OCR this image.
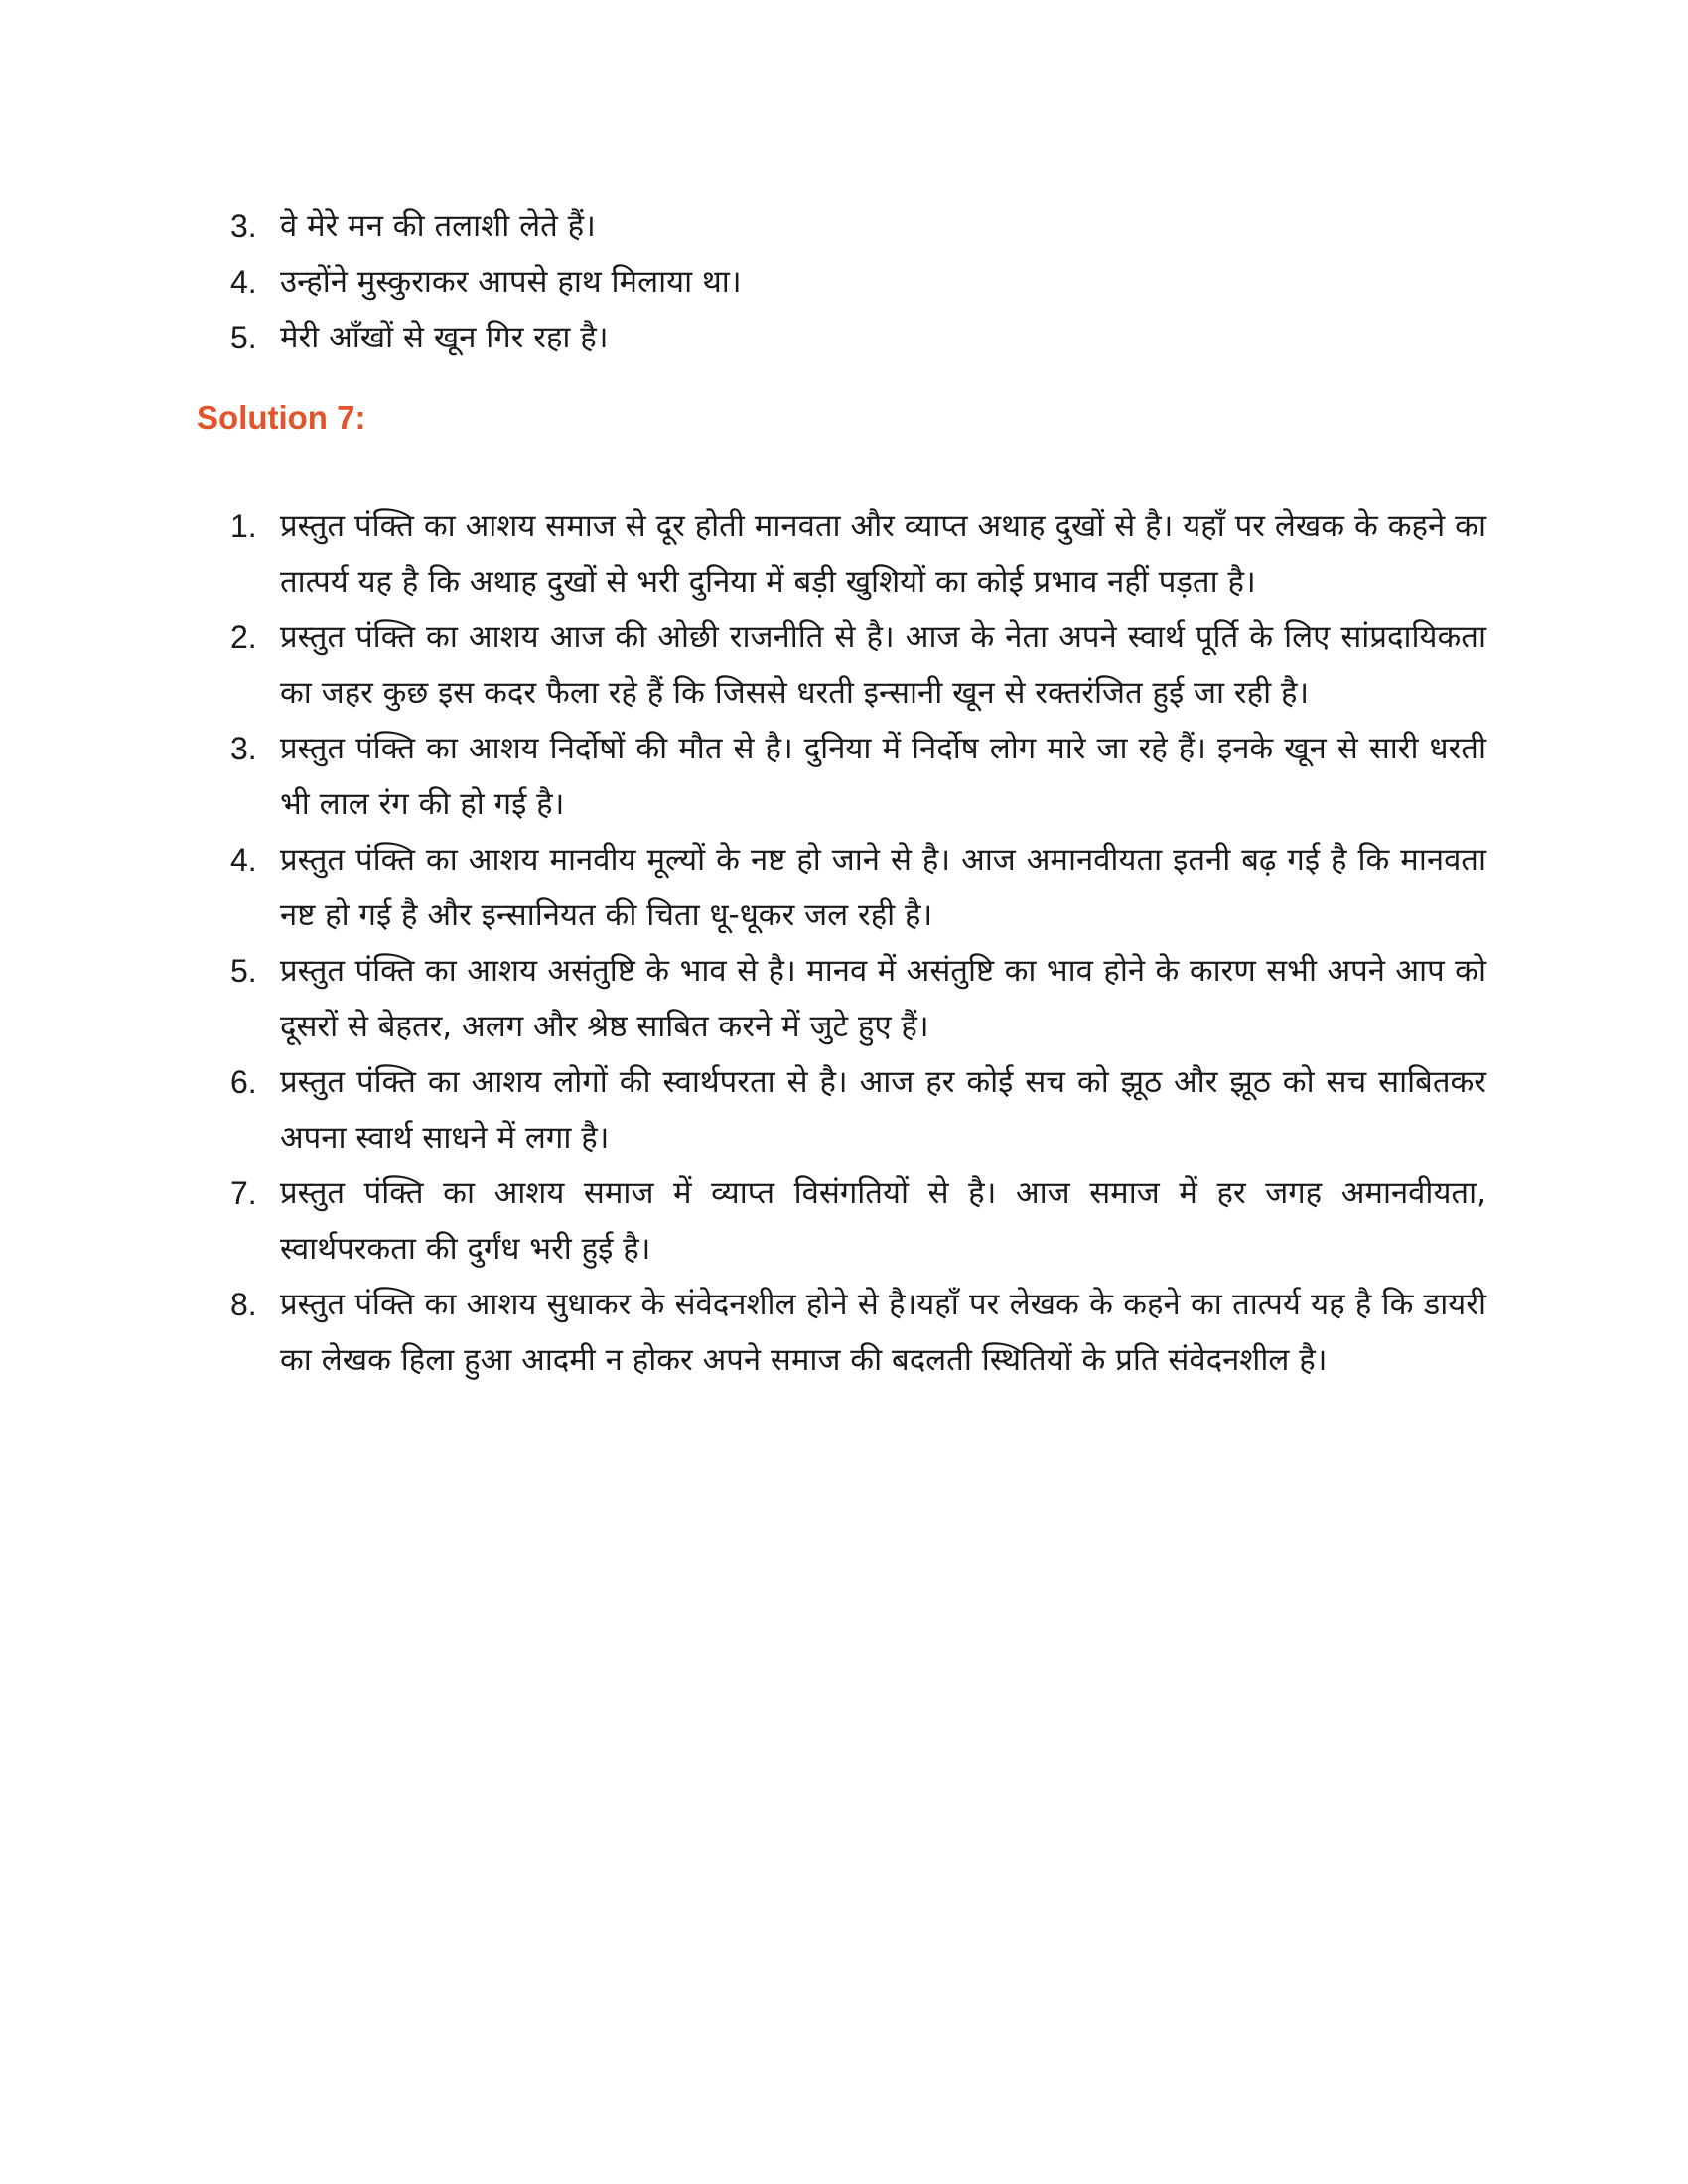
3. वे मेरे मन की तलाशी लेते हैं।
4. उन्होंने मुस्कुराकर आपसे हाथ मिलाया था।
5. मेरी आँखों से खून गिर रहा है।
Solution 7:
1. प्रस्तुत पंक्ति का आशय समाज से दूर होती मानवता और व्याप्त अथाह दुखों से है। यहाँ पर लेखक के कहने का तात्पर्य यह है कि अथाह दुखों से भरी दुनिया में बड़ी खुशियों का कोई प्रभाव नहीं पड़ता है।
2. प्रस्तुत पंक्ति का आशय आज की ओछी राजनीति से है। आज के नेता अपने स्वार्थ पूर्ति के लिए सांप्रदायिकता का जहर कुछ इस कदर फैला रहे हैं कि जिससे धरती इन्सानी खून से रक्तरंजित हुई जा रही है।
3. प्रस्तुत पंक्ति का आशय निर्दोषों की मौत से है। दुनिया में निर्दोष लोग मारे जा रहे हैं। इनके खून से सारी धरती भी लाल रंग की हो गई है।
4. प्रस्तुत पंक्ति का आशय मानवीय मूल्यों के नष्ट हो जाने से है। आज अमानवीयता इतनी बढ़ गई है कि मानवता नष्ट हो गई है और इन्सानियत की चिता धू-धूकर जल रही है।
5. प्रस्तुत पंक्ति का आशय असंतुष्टि के भाव से है। मानव में असंतुष्टि का भाव होने के कारण सभी अपने आप को दूसरों से बेहतर, अलग और श्रेष्ठ साबित करने में जुटे हुए हैं।
6. प्रस्तुत पंक्ति का आशय लोगों की स्वार्थपरता से है। आज हर कोई सच को झूठ और झूठ को सच साबितकर अपना स्वार्थ साधने में लगा है।
7. प्रस्तुत पंक्ति का आशय समाज में व्याप्त विसंगतियों से है। आज समाज में हर जगह अमानवीयता, स्वार्थपरकता की दुर्गंध भरी हुई है।
8. प्रस्तुत पंक्ति का आशय सुधाकर के संवेदनशील होने से है।यहाँ पर लेखक के कहने का तात्पर्य यह है कि डायरी का लेखक हिला हुआ आदमी न होकर अपने समाज की बदलती स्थितियों के प्रति संवेदनशील है।
